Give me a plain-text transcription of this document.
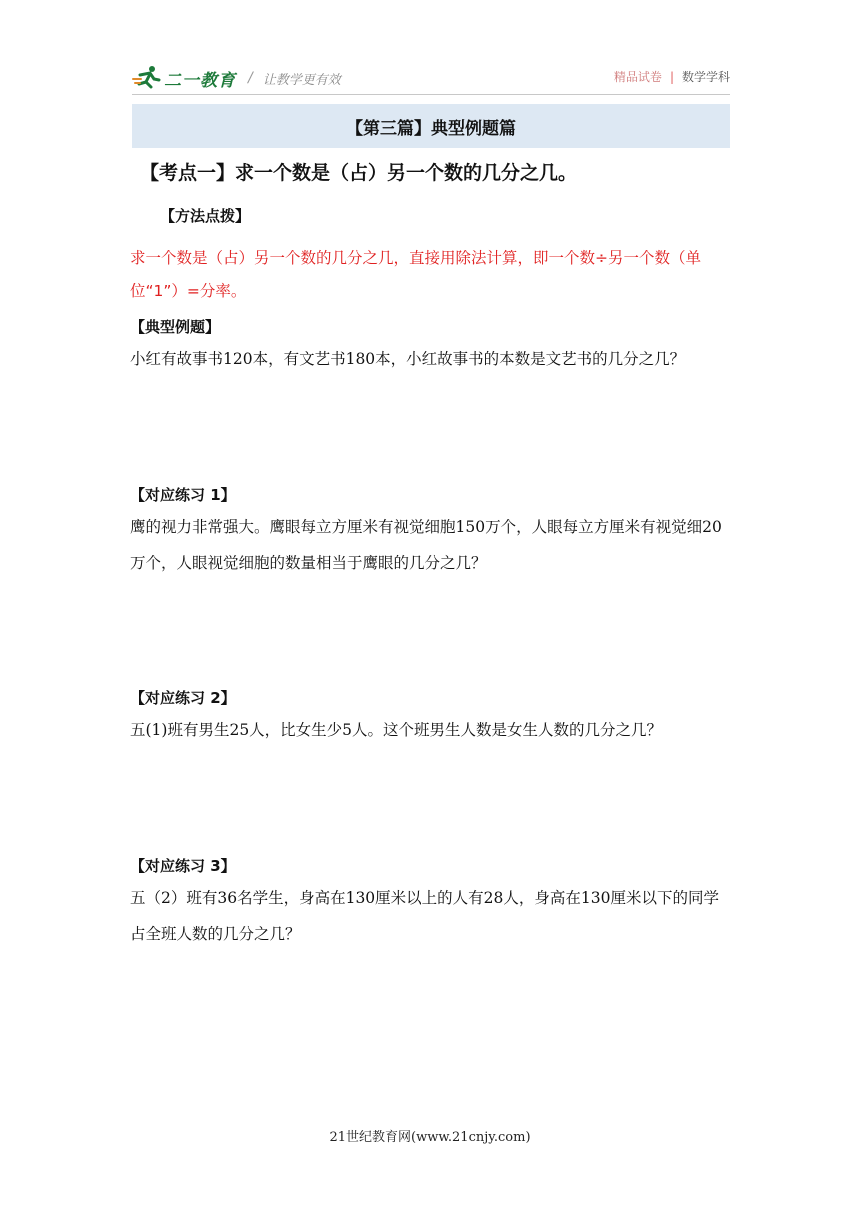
二一教育 / 让教学更有效	精品试卷 | 数学学科
【第三篇】典型例题篇
【考点一】求一个数是（占）另一个数的几分之几。
【方法点拨】
求一个数是（占）另一个数的几分之几，直接用除法计算，即一个数÷另一个数（单位“1”）=分率。
【典型例题】
小红有故事书120本，有文艺书180本，小红故事书的本数是文艺书的几分之几？
【对应练习 1】
鹰的视力非常强大。鹰眼每立方厘米有视觉细胞150万个，人眼每立方厘米有视觉细20万个，人眼视觉细胞的数量相当于鹰眼的几分之几？
【对应练习 2】
五(1)班有男生25人，比女生少5人。这个班男生人数是女生人数的几分之几？
【对应练习 3】
五（2）班有36名学生，身高在130厘米以上的人有28人，身高在130厘米以下的同学占全班人数的几分之几？
21世纪教育网(www.21cnjy.com)
